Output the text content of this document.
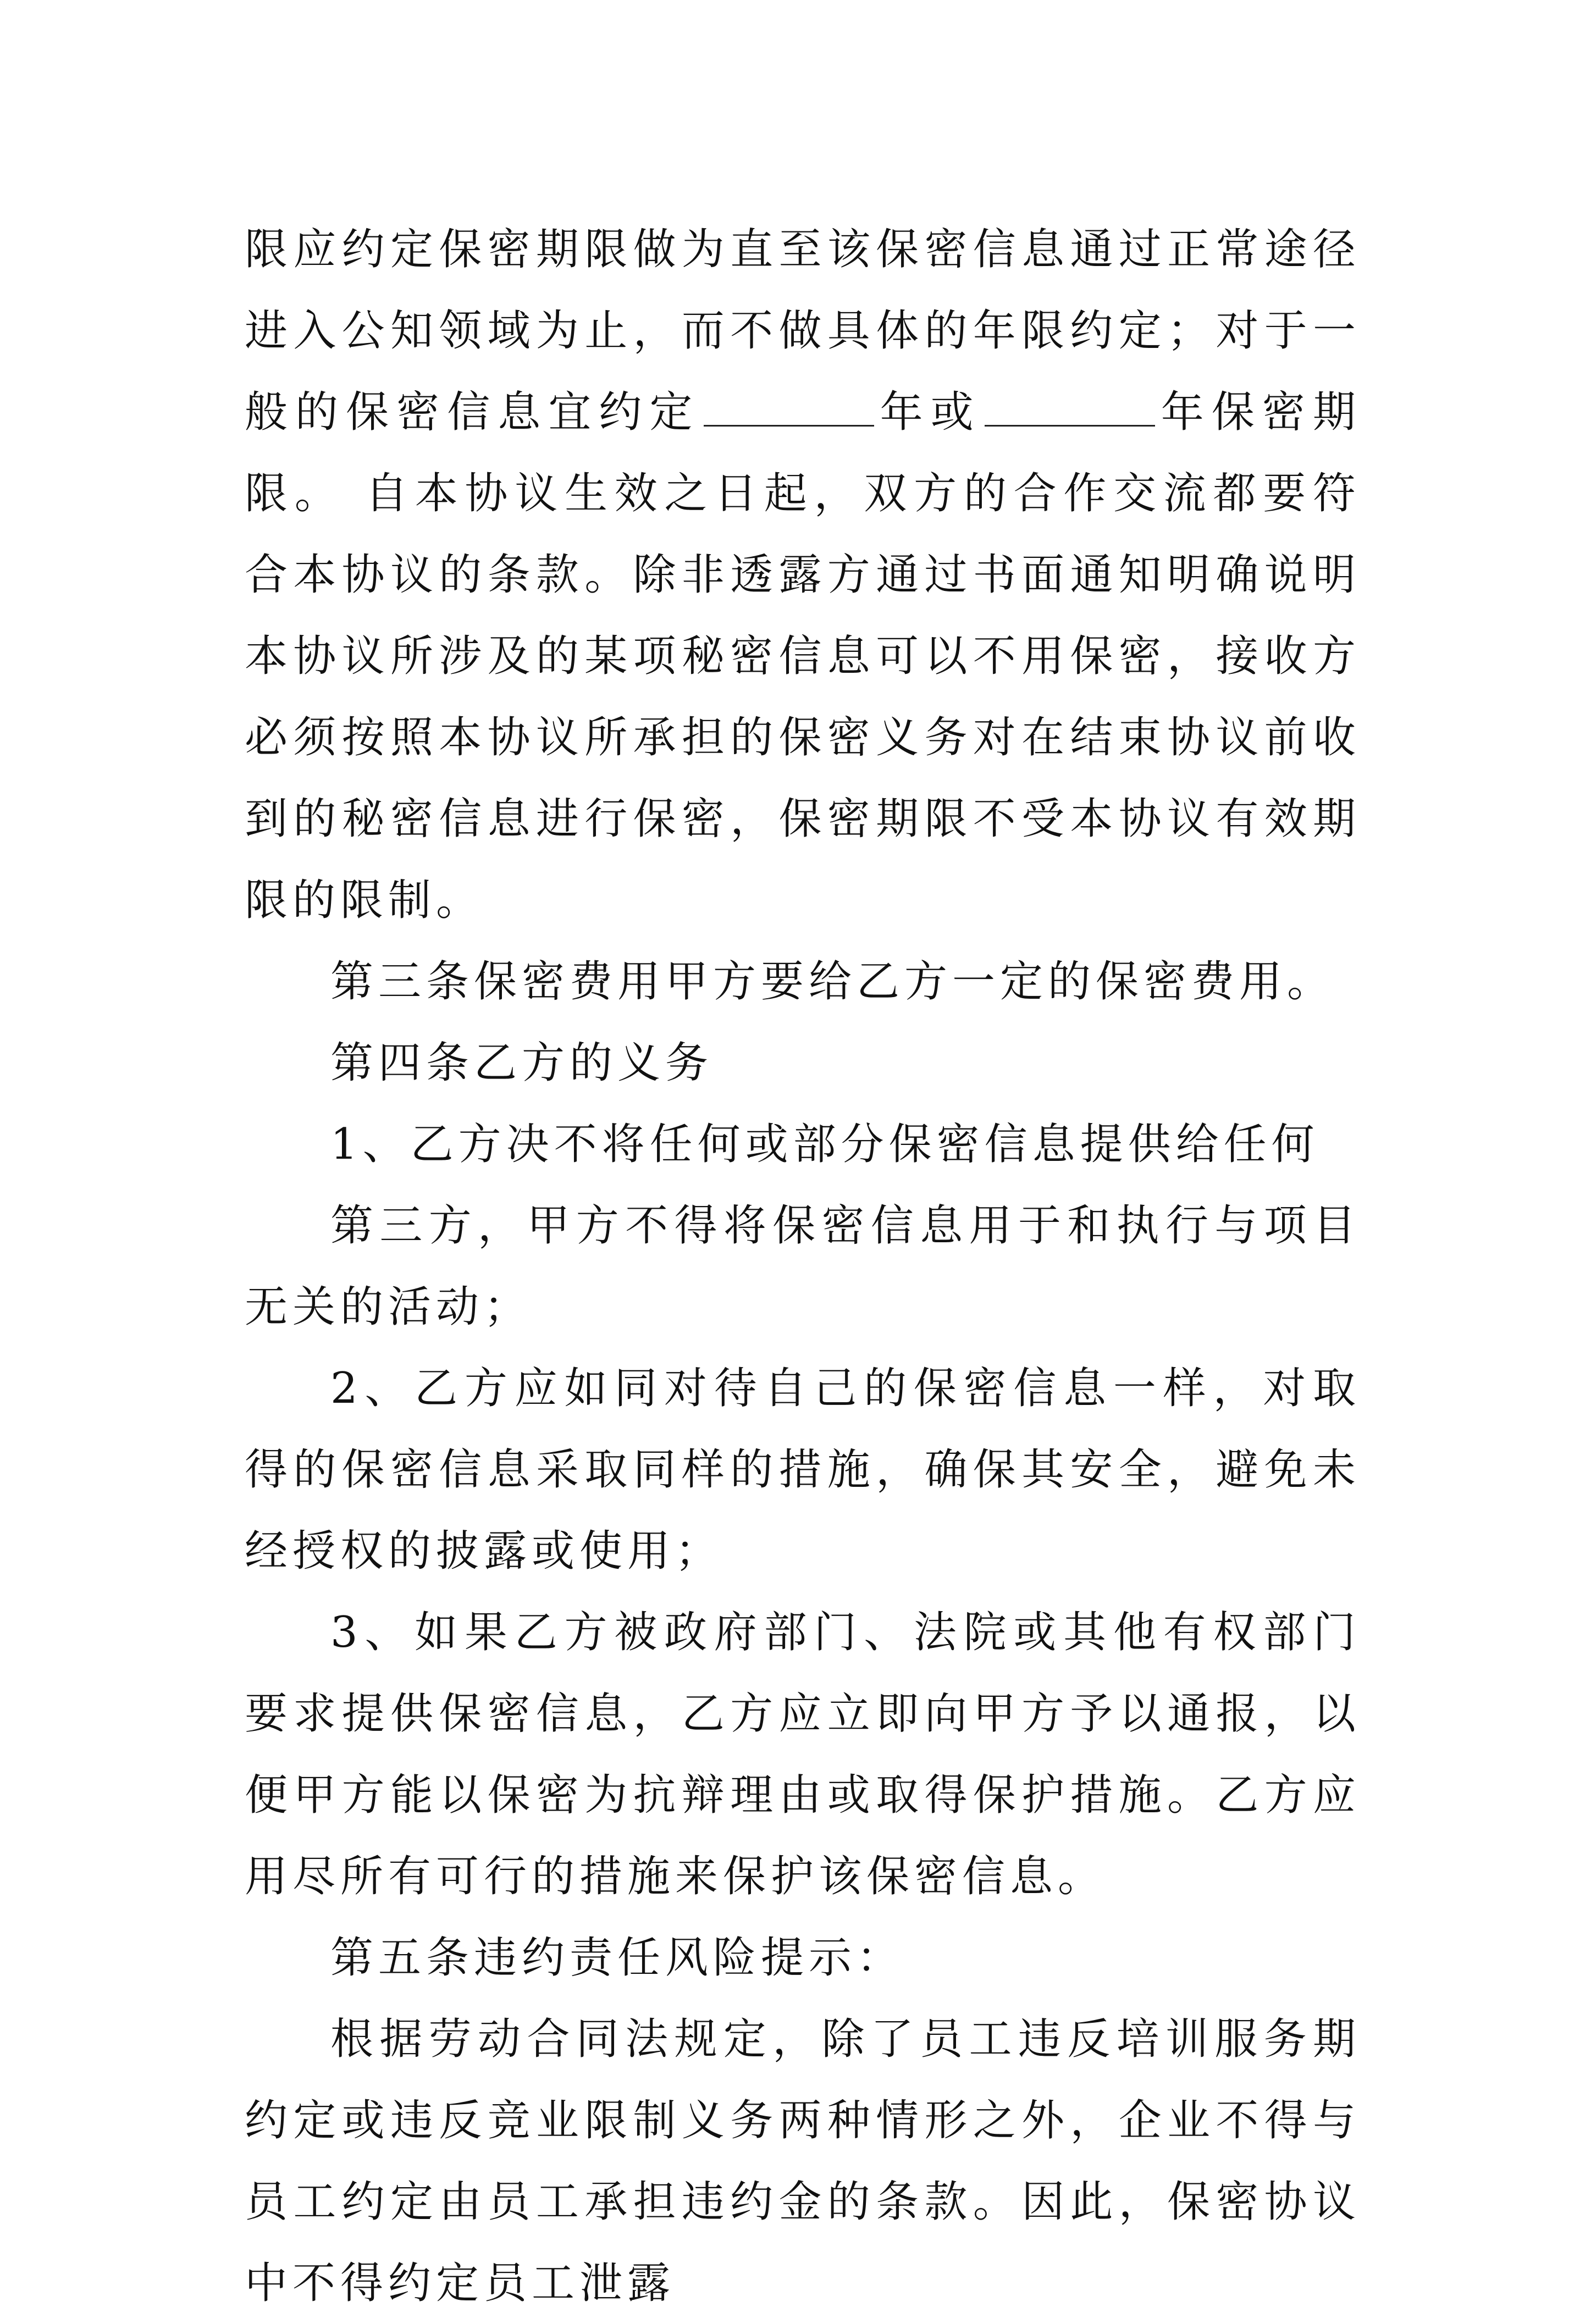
限应约定保密期限做为直至该保密信息通过正常途径进入公知领域为止，而不做具体的年限约定；对于一般的保密信息宜约定	年或	年保密期限。 自本协议生效之日起，双方的合作交流都要符合本协议的条款。除非透露方通过书面通知明确说明本协议所涉及的某项秘密信息可以不用保密，接收方必须按照本协议所承担的保密义务对在结束协议前收到的秘密信息进行保密，保密期限不受本协议有效期限的限制。

第三条保密费用甲方要给乙方一定的保密费用。

第四条乙方的义务

1、乙方决不将任何或部分保密信息提供给任何

第三方，甲方不得将保密信息用于和执行与项目无关的活动；

2、乙方应如同对待自己的保密信息一样，对取得的保密信息采取同样的措施，确保其安全，避免未经授权的披露或使用；

3、如果乙方被政府部门、法院或其他有权部门要求提供保密信息，乙方应立即向甲方予以通报，以便甲方能以保密为抗辩理由或取得保护措施。乙方应用尽所有可行的措施来保护该保密信息。

第五条违约责任风险提示：

根据劳动合同法规定，除了员工违反培训服务期约定或违反竞业限制义务两种情形之外，企业不得与员工约定由员工承担违约金的条款。因此，保密协议中不得约定员工泄露
